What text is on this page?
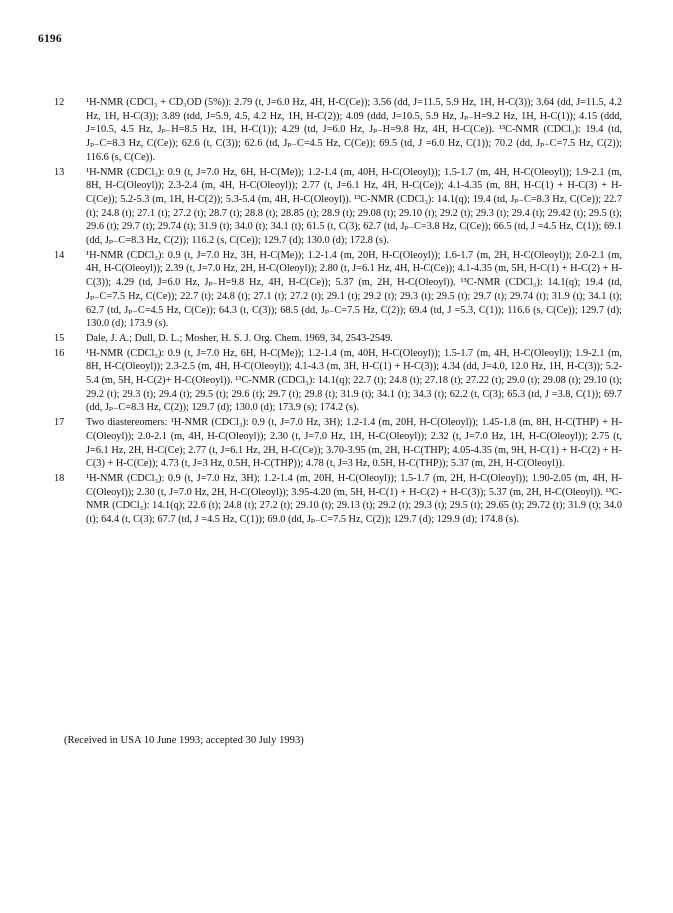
6196
12 ¹H-NMR (CDCl₃ + CD₃OD (5%)): 2.79 (t, J=6.0 Hz, 4H, H-C(Ce)); 3.56 (dd, J=11.5, 5.9 Hz, 1H, H-C(3)); 3.64 (dd, J=11.5, 4.2 Hz, 1H, H-C(3)); 3.89 (tdd, J=5.9, 4.5, 4.2 Hz, 1H, H-C(2)); 4.09 (ddd, J=10.5, 5.9 Hz, Jₚ₋H=9.2 Hz, 1H, H-C(1)); 4.15 (ddd, J=10.5, 4.5 Hz, Jₚ₋H=8.5 Hz, 1H, H-C(1)); 4.29 (td, J=6.0 Hz, Jₚ₋H=9.8 Hz, 4H, H-C(Ce)). ¹³C-NMR (CDCl₃): 19.4 (td, Jₚ₋C=8.3 Hz, C(Ce)); 62.6 (t, C(3)); 62.6 (td, Jₚ₋C=4.5 Hz, C(Ce)); 69.5 (td, J =6.0 Hz, C(1)); 70.2 (dd, Jₚ₋C=7.5 Hz, C(2)); 116.6 (s, C(Ce)).
13 ¹H-NMR (CDCl₃): 0.9 (t, J=7.0 Hz, 6H, H-C(Me)); 1.2-1.4 (m, 40H, H-C(Oleoyl)); 1.5-1.7 (m, 4H, H-C(Oleoyl)); 1.9-2.1 (m, 8H, H-C(Oleoyl)); 2.3-2.4 (m, 4H, H-C(Oleoyl)); 2.77 (t, J=6.1 Hz, 4H, H-C(Ce)); 4.1-4.35 (m, 8H, H-C(1) + H-C(3) + H-C(Ce)); 5.2-5.3 (m, 1H, H-C(2)); 5.3-5.4 (m, 4H, H-C(Oleoyl)). ¹³C-NMR (CDCl₃): 14.1(q); 19.4 (td, Jₚ₋C=8.3 Hz, C(Ce)); 22.7 (t); 24.8 (t); 27.1 (t); 27.2 (t); 28.7 (t); 28.8 (t); 28.85 (t); 28.9 (t); 29.08 (t); 29.10 (t); 29.2 (t); 29.3 (t); 29.4 (t); 29.42 (t); 29.5 (t); 29.6 (t); 29.7 (t); 29.74 (t); 31.9 (t); 34.0 (t); 34.1 (t); 61.5 (t, C(3); 62.7 (td, Jₚ₋C=3.8 Hz, C(Ce)); 66.5 (td, J =4.5 Hz, C(1)); 69.1 (dd, Jₚ₋C=8.3 Hz, C(2)); 116.2 (s, C(Ce)); 129.7 (d); 130.0 (d); 172.8 (s).
14 ¹H-NMR (CDCl₃): 0.9 (t, J=7.0 Hz, 3H, H-C(Me)); 1.2-1.4 (m, 20H, H-C(Oleoyl)); 1.6-1.7 (m, 2H, H-C(Oleoyl)); 2.0-2.1 (m, 4H, H-C(Oleoyl)); 2.39 (t, J=7.0 Hz, 2H, H-C(Oleoyl)); 2.80 (t, J=6.1 Hz, 4H, H-C(Ce)); 4.1-4.35 (m, 5H, H-C(1) + H-C(2) + H-C(3)); 4.29 (td, J=6.0 Hz, Jₚ₋H=9.8 Hz, 4H, H-C(Ce)); 5.37 (m, 2H, H-C(Oleoyl)). ¹³C-NMR (CDCl₃): 14.1(q); 19.4 (td, Jₚ₋C=7.5 Hz, C(Ce)); 22.7 (t); 24.8 (t); 27.1 (t); 27.2 (t); 29.1 (t); 29.2 (t); 29.3 (t); 29.5 (t); 29.7 (t); 29.74 (t); 31.9 (t); 34.1 (t); 62.7 (td, Jₚ₋C=4.5 Hz, C(Ce)); 64.3 (t, C(3)); 68.5 (dd, Jₚ₋C=7.5 Hz, C(2)); 69.4 (td, J =5.3, C(1)); 116.6 (s, C(Ce)); 129.7 (d); 130.0 (d); 173.9 (s).
15 Dale, J. A.; Dull, D. L.; Mosher, H. S. J. Org. Chem. 1969, 34, 2543-2549.
16 ¹H-NMR (CDCl₃): 0.9 (t, J=7.0 Hz, 6H, H-C(Me)); 1.2-1.4 (m, 40H, H-C(Oleoyl)); 1.5-1.7 (m, 4H, H-C(Oleoyl)); 1.9-2.1 (m, 8H, H-C(Oleoyl)); 2.3-2.5 (m, 4H, H-C(Oleoyl)); 4.1-4.3 (m, 3H, H-C(1) + H-C(3)); 4.34 (dd, J=4.0, 12.0 Hz, 1H, H-C(3)); 5.2-5.4 (m, 5H, H-C(2)+ H-C(Oleoyl)). ¹³C-NMR (CDCl₃): 14.1(q); 22.7 (t); 24.8 (t); 27.18 (t); 27.22 (t); 29.0 (t); 29.08 (t); 29.10 (t); 29.2 (t); 29.3 (t); 29.4 (t); 29.5 (t); 29.6 (t); 29.7 (t); 29.8 (t); 31.9 (t); 34.1 (t); 34.3 (t); 62.2 (t, C(3); 65.3 (td, J =3.8, C(1)); 69.7 (dd, Jₚ₋C=8.3 Hz, C(2)); 129.7 (d); 130.0 (d); 173.9 (s); 174.2 (s).
17 Two diastereomers: ¹H-NMR (CDCl₃): 0.9 (t, J=7.0 Hz, 3H); 1.2-1.4 (m, 20H, H-C(Oleoyl)); 1.45-1.8 (m, 8H, H-C(THP) + H-C(Oleoyl)); 2.0-2.1 (m, 4H, H-C(Oleoyl)); 2.30 (t, J=7.0 Hz, 1H, H-C(Oleoyl)); 2.32 (t, J=7.0 Hz, 1H, H-C(Oleoyl)); 2.75 (t, J=6.1 Hz, 2H, H-C(Ce); 2.77 (t, J=6.1 Hz, 2H, H-C(Ce)); 3.70-3.95 (m, 2H, H-C(THP); 4.05-4.35 (m, 9H, H-C(1) + H-C(2) + H-C(3) + H-C(Ce)); 4.73 (t, J=3 Hz, 0.5H, H-C(THP)); 4.78 (t, J=3 Hz, 0.5H, H-C(THP)); 5.37 (m, 2H, H-C(Oleoyl)).
18 ¹H-NMR (CDCl₃): 0.9 (t, J=7.0 Hz, 3H); 1.2-1.4 (m, 20H, H-C(Oleoyl)); 1.5-1.7 (m, 2H, H-C(Oleoyl)); 1.90-2.05 (m, 4H, H-C(Oleoyl)); 2.30 (t, J=7.0 Hz, 2H, H-C(Oleoyl)); 3.95-4.20 (m, 5H, H-C(1) + H-C(2) + H-C(3)); 5.37 (m, 2H, H-C(Oleoyl)). ¹³C-NMR (CDCl₃): 14.1(q); 22.6 (t); 24.8 (t); 27.2 (t); 29.10 (t); 29.13 (t); 29.2 (t); 29.3 (t); 29.5 (t); 29.65 (t); 29.72 (t); 31.9 (t); 34.0 (t); 64.4 (t, C(3); 67.7 (td, J =4.5 Hz, C(1)); 69.0 (dd, Jₚ₋C=7.5 Hz, C(2)); 129.7 (d); 129.9 (d); 174.8 (s).
(Received in USA 10 June 1993; accepted 30 July 1993)
